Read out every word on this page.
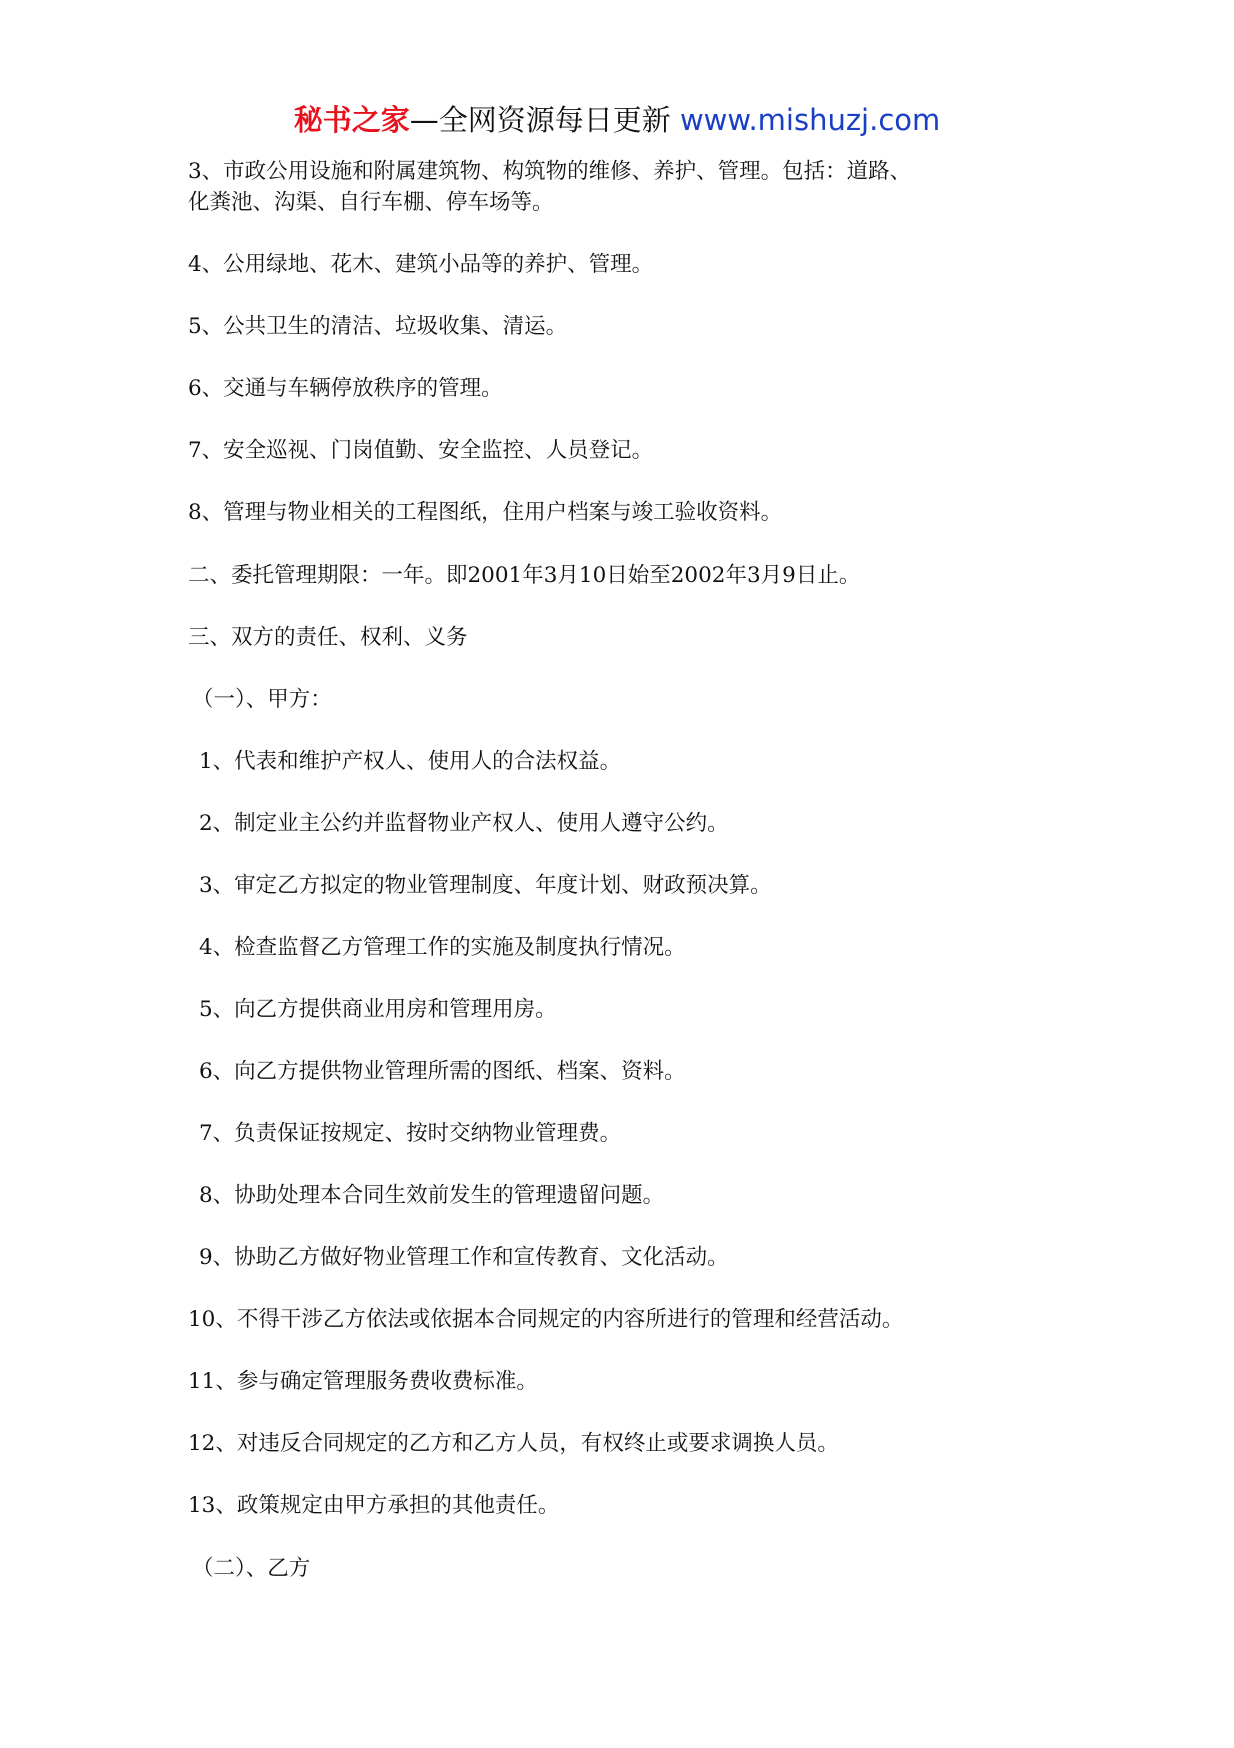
秘书之家—全网资源每日更新 www.mishuzj.com
3、市政公用设施和附属建筑物、构筑物的维修、养护、管理。包括：道路、
化粪池、沟渠、自行车棚、停车场等。
4、公用绿地、花木、建筑小品等的养护、管理。
5、公共卫生的清洁、垃圾收集、清运。
6、交通与车辆停放秩序的管理。
7、安全巡视、门岗值勤、安全监控、人员登记。
8、管理与物业相关的工程图纸，住用户档案与竣工验收资料。
二、委托管理期限：一年。即2001年3月10日始至2002年3月9日止。
三、双方的责任、权利、义务
（一）、甲方：
1、代表和维护产权人、使用人的合法权益。
2、制定业主公约并监督物业产权人、使用人遵守公约。
3、审定乙方拟定的物业管理制度、年度计划、财政预决算。
4、检查监督乙方管理工作的实施及制度执行情况。
5、向乙方提供商业用房和管理用房。
6、向乙方提供物业管理所需的图纸、档案、资料。
7、负责保证按规定、按时交纳物业管理费。
8、协助处理本合同生效前发生的管理遗留问题。
9、协助乙方做好物业管理工作和宣传教育、文化活动。
10、不得干涉乙方依法或依据本合同规定的内容所进行的管理和经营活动。
11、参与确定管理服务费收费标准。
12、对违反合同规定的乙方和乙方人员，有权终止或要求调换人员。
13、政策规定由甲方承担的其他责任。
（二）、乙方
